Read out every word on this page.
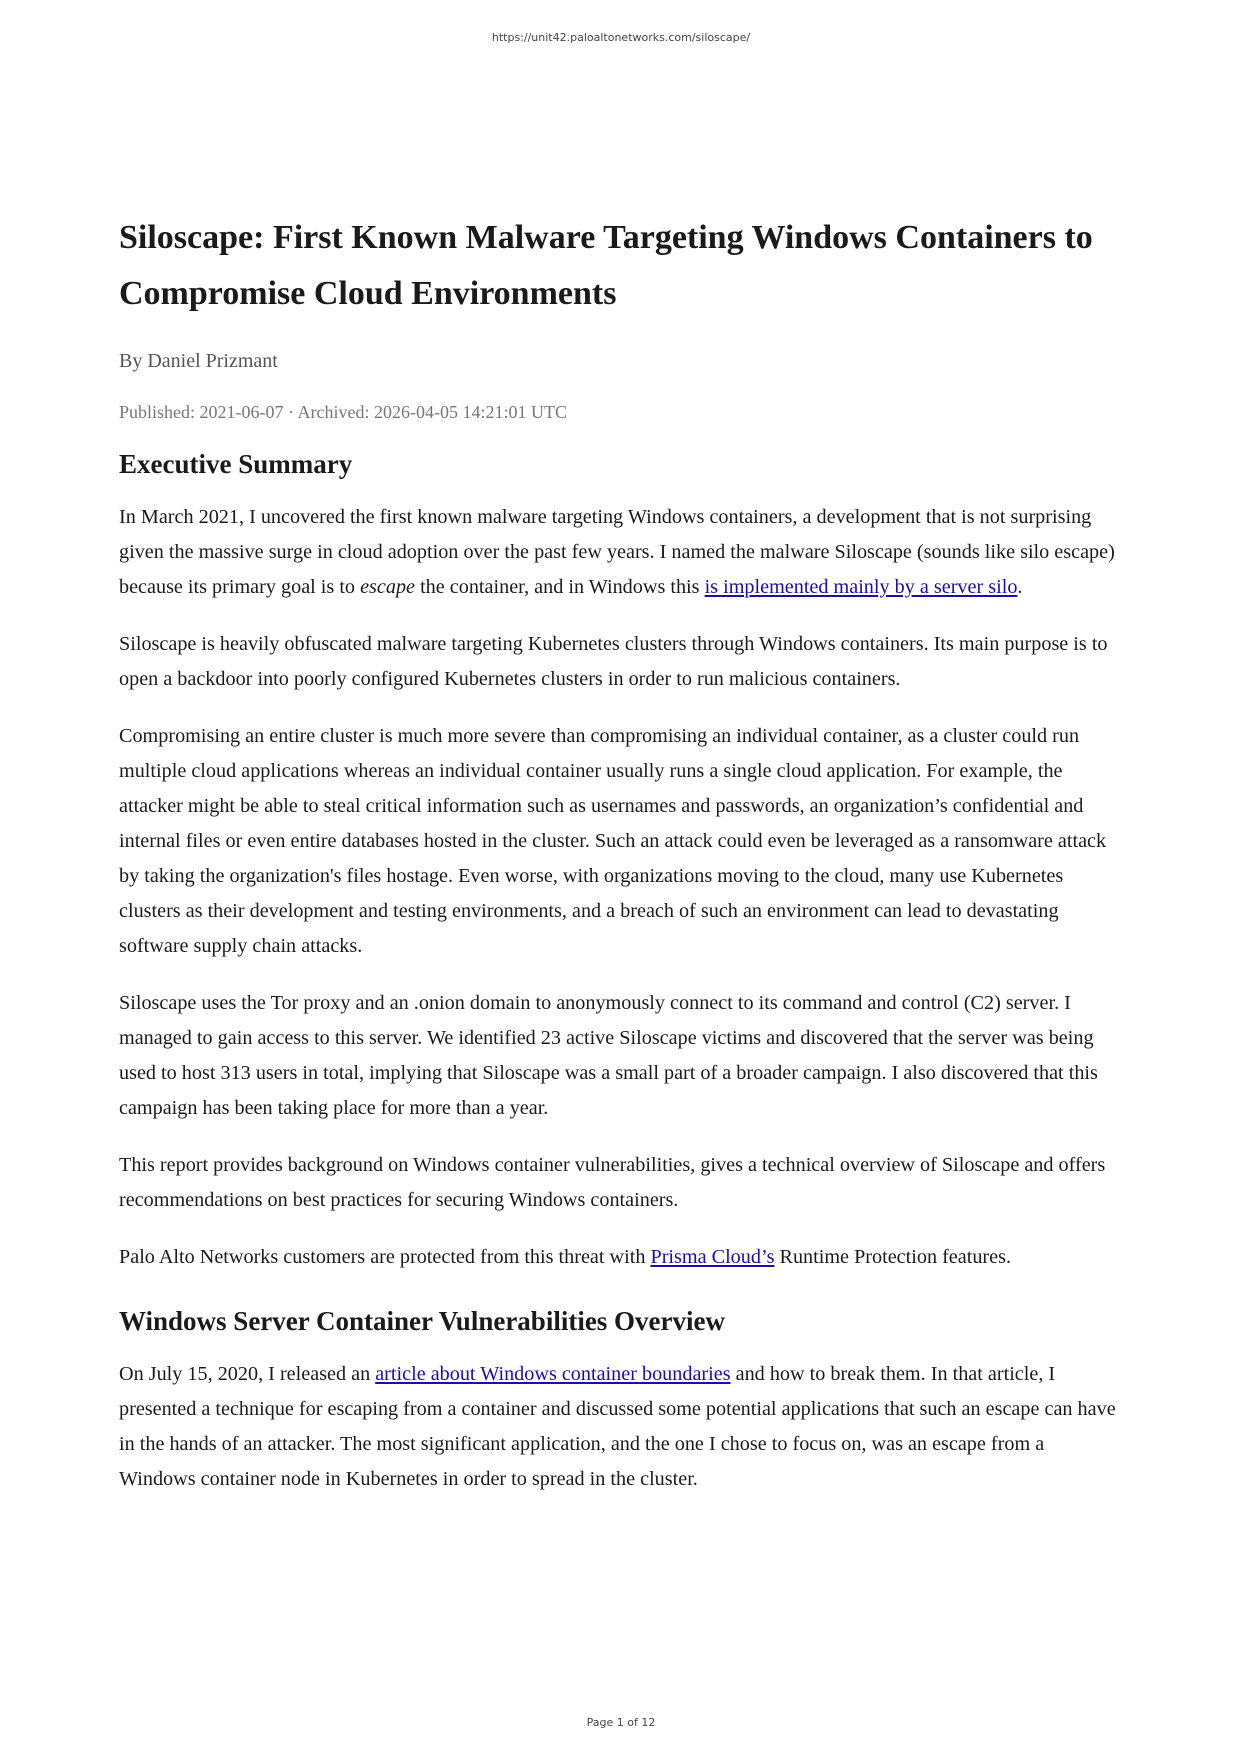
https://unit42.paloaltonetworks.com/siloscape/
Siloscape: First Known Malware Targeting Windows Containers to Compromise Cloud Environments
By Daniel Prizmant
Published: 2021-06-07 · Archived: 2026-04-05 14:21:01 UTC
Executive Summary

In March 2021, I uncovered the first known malware targeting Windows containers, a development that is not surprising given the massive surge in cloud adoption over the past few years. I named the malware Siloscape (sounds like silo escape) because its primary goal is to escape the container, and in Windows this is implemented mainly by a server silo.

Siloscape is heavily obfuscated malware targeting Kubernetes clusters through Windows containers. Its main purpose is to open a backdoor into poorly configured Kubernetes clusters in order to run malicious containers.

Compromising an entire cluster is much more severe than compromising an individual container, as a cluster could run multiple cloud applications whereas an individual container usually runs a single cloud application. For example, the attacker might be able to steal critical information such as usernames and passwords, an organization’s confidential and internal files or even entire databases hosted in the cluster. Such an attack could even be leveraged as a ransomware attack by taking the organization's files hostage. Even worse, with organizations moving to the cloud, many use Kubernetes clusters as their development and testing environments, and a breach of such an environment can lead to devastating software supply chain attacks.

Siloscape uses the Tor proxy and an .onion domain to anonymously connect to its command and control (C2) server. I managed to gain access to this server. We identified 23 active Siloscape victims and discovered that the server was being used to host 313 users in total, implying that Siloscape was a small part of a broader campaign. I also discovered that this campaign has been taking place for more than a year.

This report provides background on Windows container vulnerabilities, gives a technical overview of Siloscape and offers recommendations on best practices for securing Windows containers.

Palo Alto Networks customers are protected from this threat with Prisma Cloud’s Runtime Protection features.

Windows Server Container Vulnerabilities Overview

On July 15, 2020, I released an article about Windows container boundaries and how to break them. In that article, I presented a technique for escaping from a container and discussed some potential applications that such an escape can have in the hands of an attacker. The most significant application, and the one I chose to focus on, was an escape from a Windows container node in Kubernetes in order to spread in the cluster.

Page 1 of 12
